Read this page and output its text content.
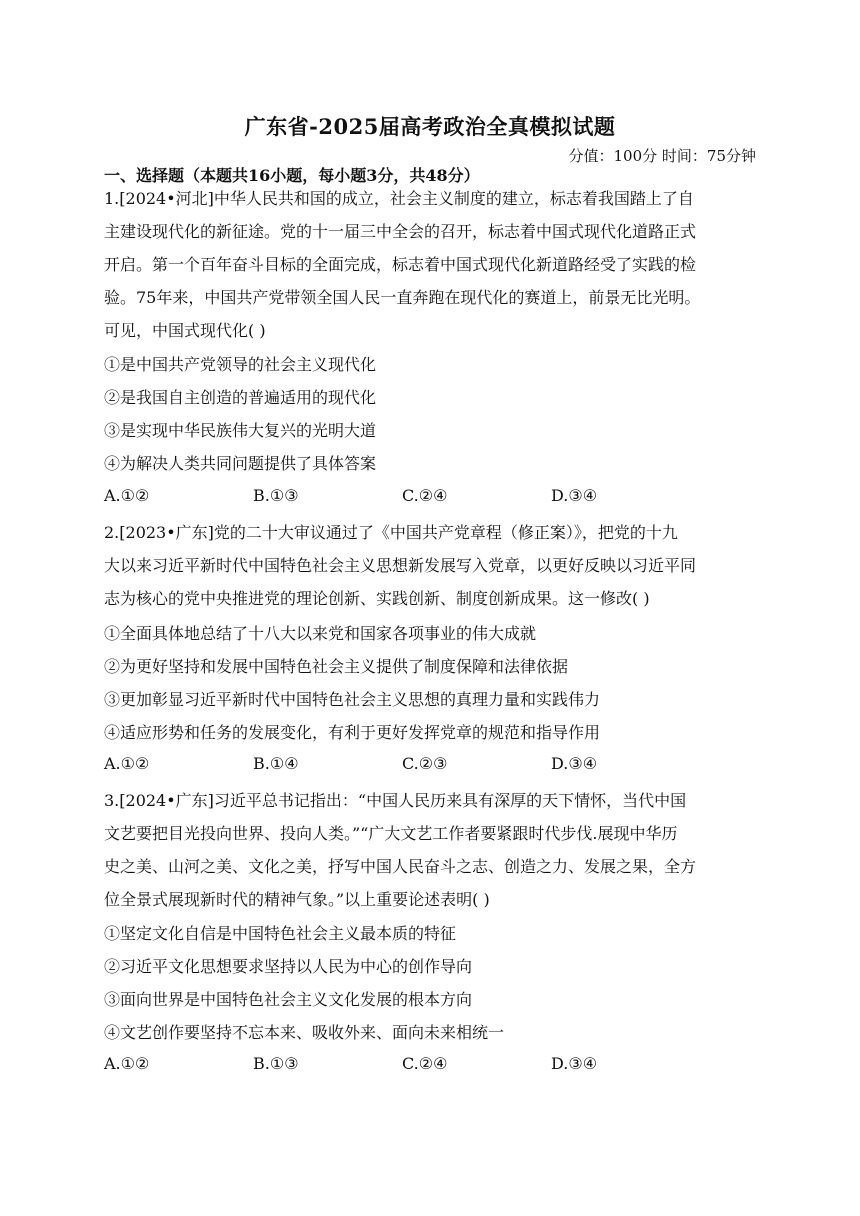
广东省-2025届高考政治全真模拟试题
分值：100分 时间：75分钟
一、选择题（本题共16小题，每小题3分，共48分）
1.[2024•河北]中华人民共和国的成立，社会主义制度的建立，标志着我国踏上了自
主建设现代化的新征途。党的十一届三中全会的召开，标志着中国式现代化道路正式
开启。第一个百年奋斗目标的全面完成，标志着中国式现代化新道路经受了实践的检
验。75年来，中国共产党带领全国人民一直奔跑在现代化的赛道上，前景无比光明。
可见，中国式现代化( )
①是中国共产党领导的社会主义现代化
②是我国自主创造的普遍适用的现代化
③是实现中华民族伟大复兴的光明大道
④为解决人类共同问题提供了具体答案
A.①②	B.①③	C.②④	D.③④
2.[2023•广东]党的二十大审议通过了《中国共产党章程（修正案）》，把党的十九
大以来习近平新时代中国特色社会主义思想新发展写入党章，以更好反映以习近平同
志为核心的党中央推进党的理论创新、实践创新、制度创新成果。这一修改( )
①全面具体地总结了十八大以来党和国家各项事业的伟大成就
②为更好坚持和发展中国特色社会主义提供了制度保障和法律依据
③更加彰显习近平新时代中国特色社会主义思想的真理力量和实践伟力
④适应形势和任务的发展变化，有利于更好发挥党章的规范和指导作用
A.①②	B.①④	C.②③	D.③④
3.[2024•广东]习近平总书记指出：“中国人民历来具有深厚的天下情怀，当代中国
文艺要把目光投向世界、投向人类。”“广大文艺工作者要紧跟时代步伐.展现中华历
史之美、山河之美、文化之美，抒写中国人民奋斗之志、创造之力、发展之果，全方
位全景式展现新时代的精神气象。”以上重要论述表明( )
①坚定文化自信是中国特色社会主义最本质的特征
②习近平文化思想要求坚持以人民为中心的创作导向
③面向世界是中国特色社会主义文化发展的根本方向
④文艺创作要坚持不忘本来、吸收外来、面向未来相统一
A.①②	B.①③	C.②④	D.③④
